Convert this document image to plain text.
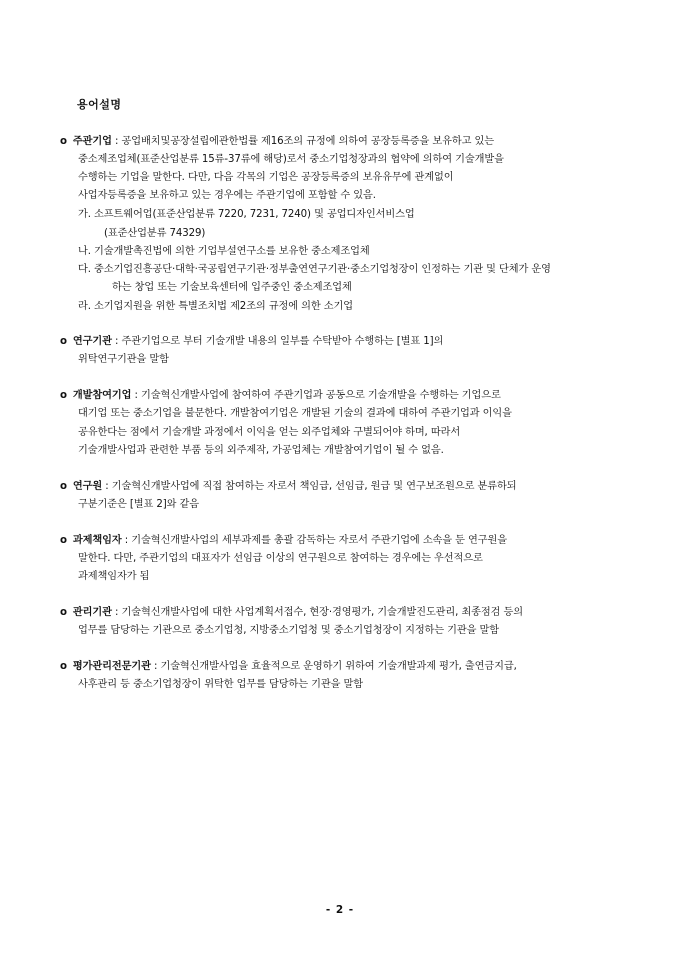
용어설명
o 주관기업 : 공업배치및공장설립에관한법률 제16조의 규정에 의하여 공장등록증을 보유하고 있는
중소제조업체(표준산업분류 15류-37류에 해당)로서 중소기업청장과의 협약에 의하여 기술개발을
수행하는 기업을 말한다. 다만, 다음 각목의 기업은 공장등록증의 보유유무에 관계없이
사업자등록증을 보유하고 있는 경우에는 주관기업에 포함할 수 있음.
가. 소프트웨어업(표준산업분류 7220, 7231, 7240) 및 공업디자인서비스업
(표준산업분류 74329)
나. 기술개발촉진법에 의한 기업부설연구소를 보유한 중소제조업체
다. 중소기업진흥공단·대학·국공립연구기관·정부출연연구기관·중소기업청장이 인정하는 기관 및 단체가 운영
하는 창업 또는 기술보육센터에 입주중인 중소제조업체
라. 소기업지원을 위한 특별조치법 제2조의 규정에 의한 소기업
o 연구기관 : 주관기업으로 부터 기술개발 내용의 일부를 수탁받아 수행하는 [별표 1]의
위탁연구기관을 말함
o 개발참여기업 : 기술혁신개발사업에 참여하여 주관기업과 공동으로 기술개발을 수행하는 기업으로
대기업 또는 중소기업을 불문한다. 개발참여기업은 개발된 기술의 결과에 대하여 주관기업과 이익을
공유한다는 점에서 기술개발 과정에서 이익을 얻는 외주업체와 구별되어야 하며, 따라서
기술개발사업과 관련한 부품 등의 외주제작, 가공업체는 개발참여기업이 될 수 없음.
o 연구원 : 기술혁신개발사업에 직접 참여하는 자로서 책임급, 선임급, 원급 및 연구보조원으로 분류하되
구분기준은 [별표 2]와 같음
o 과제책임자 : 기술혁신개발사업의 세부과제를 총괄 감독하는 자로서 주관기업에 소속을 둔 연구원을
말한다. 다만, 주관기업의 대표자가 선임급 이상의 연구원으로 참여하는 경우에는 우선적으로
과제책임자가 됨
o 관리기관 : 기술혁신개발사업에 대한 사업계획서접수, 현장·경영평가, 기술개발진도관리, 최종점검 등의
업무를 담당하는 기관으로 중소기업청, 지방중소기업청 및 중소기업청장이 지정하는 기관을 말함
o 평가관리전문기관 : 기술혁신개발사업을 효율적으로 운영하기 위하여 기술개발과제 평가, 출연금지급,
사후관리 등 중소기업청장이 위탁한 업무를 담당하는 기관을 말함
- 2 -
